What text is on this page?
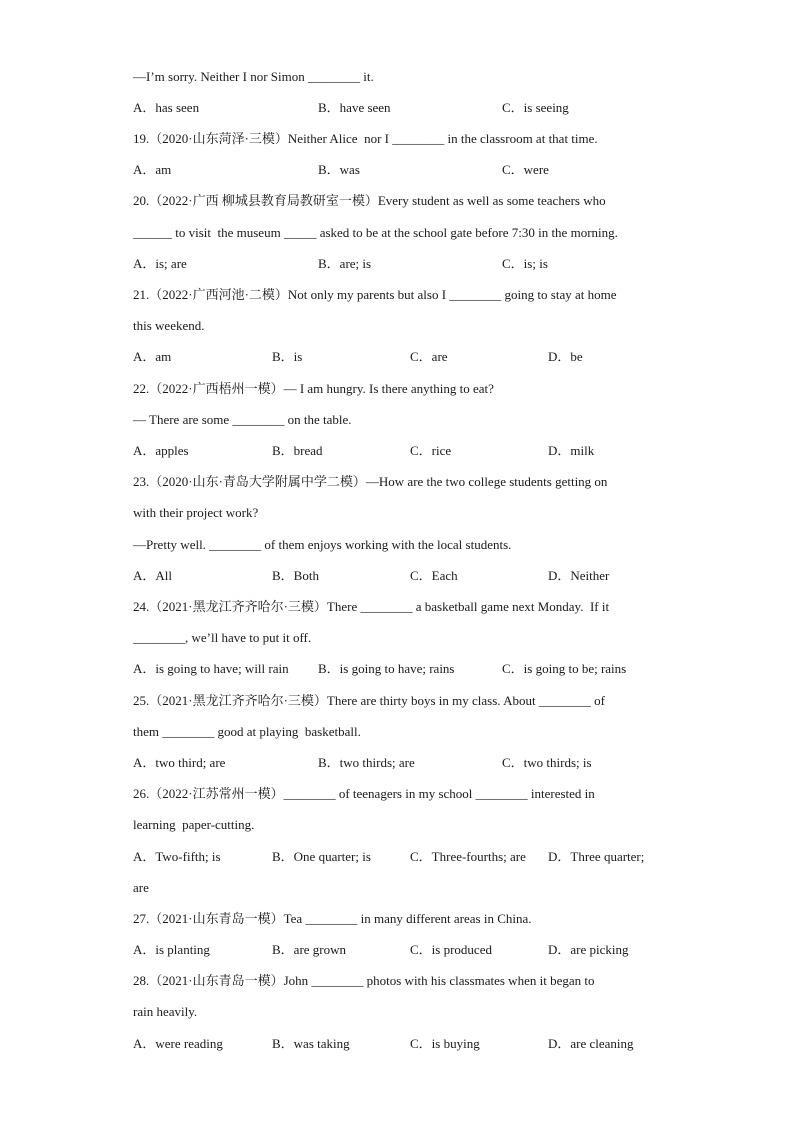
—I’m sorry. Neither I nor Simon ________ it.
A．has seen	B．have seen	C．is seeing
19.（2020·山东菏泽·三模）Neither Alice  nor I ________ in the classroom at that time.
A．am	B．was	C．were
20.（2022·广西 柳城县教育局教研室一模）Every student as well as some teachers who
______ to visit  the museum _____ asked to be at the school gate before 7:30 in the morning.
A．is; are	B．are; is	C．is; is
21.（2022·广西河池·二模）Not only my parents but also I ________ going to stay at home
this weekend.
A．am	B．is	C．are	D．be
22.（2022·广西梧州一模）— I am hungry. Is there anything to eat?
— There are some ________ on the table.
A．apples	B．bread	C．rice	D．milk
23.（2020·山东·青岛大学附属中学二模）—How are the two college students getting on
with their project work?
—Pretty well. ________ of them enjoys working with the local students.
A．All	B．Both	C．Each	D．Neither
24.（2021·黑龙江齐齐哈尔·三模）There ________ a basketball game next Monday.  If it
________, we’ll have to put it off.
A．is going to have; will rain B．is going to have; rains	C．is going to be; rains
25.（2021·黑龙江齐齐哈尔·三模）There are thirty boys in my class. About ________ of
them ________ good at playing  basketball.
A．two third; are	B．two thirds; are	C．two thirds; is
26.（2022·江苏常州一模）________ of teenagers in my school ________ interested in
learning  paper-cutting.
A．Two-fifth; is	B．One quarter; is	C．Three-fourths; are D．Three quarter;
are
27.（2021·山东青岛一模）Tea ________ in many different areas in China.
A．is planting	B．are grown	C．is produced	D．are picking
28.（2021·山东青岛一模）John ________ photos with his classmates when it began to
rain heavily.
A．were reading	B．was taking	C．is buying	D．are cleaning
